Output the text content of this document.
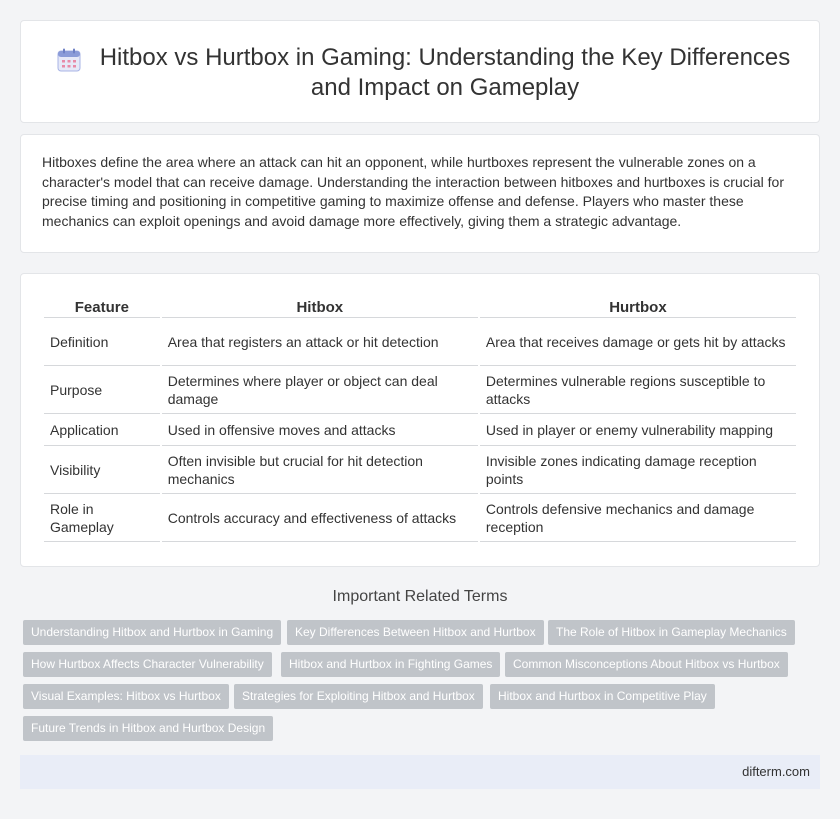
Hitbox vs Hurtbox in Gaming: Understanding the Key Differences and Impact on Gameplay

Hitboxes define the area where an attack can hit an opponent, while hurtboxes represent the vulnerable zones on a character's model that can receive damage. Understanding the interaction between hitboxes and hurtboxes is crucial for precise timing and positioning in competitive gaming to maximize offense and defense. Players who master these mechanics can exploit openings and avoid damage more effectively, giving them a strategic advantage.

Feature	Hitbox	Hurtbox
Definition	Area that registers an attack or hit detection	Area that receives damage or gets hit by attacks
Purpose	Determines where player or object can deal damage	Determines vulnerable regions susceptible to attacks
Application	Used in offensive moves and attacks	Used in player or enemy vulnerability mapping
Visibility	Often invisible but crucial for hit detection mechanics	Invisible zones indicating damage reception points
Role in Gameplay	Controls accuracy and effectiveness of attacks	Controls defensive mechanics and damage reception
Important Related Terms
Understanding Hitbox and Hurtbox in Gaming	Key Differences Between Hitbox and Hurtbox	The Role of Hitbox in Gameplay Mechanics
How Hurtbox Affects Character Vulnerability	Hitbox and Hurtbox in Fighting Games	Common Misconceptions About Hitbox vs Hurtbox
Visual Examples: Hitbox vs Hurtbox	Strategies for Exploiting Hitbox and Hurtbox	Hitbox and Hurtbox in Competitive Play
Future Trends in Hitbox and Hurtbox Design
difterm.com
